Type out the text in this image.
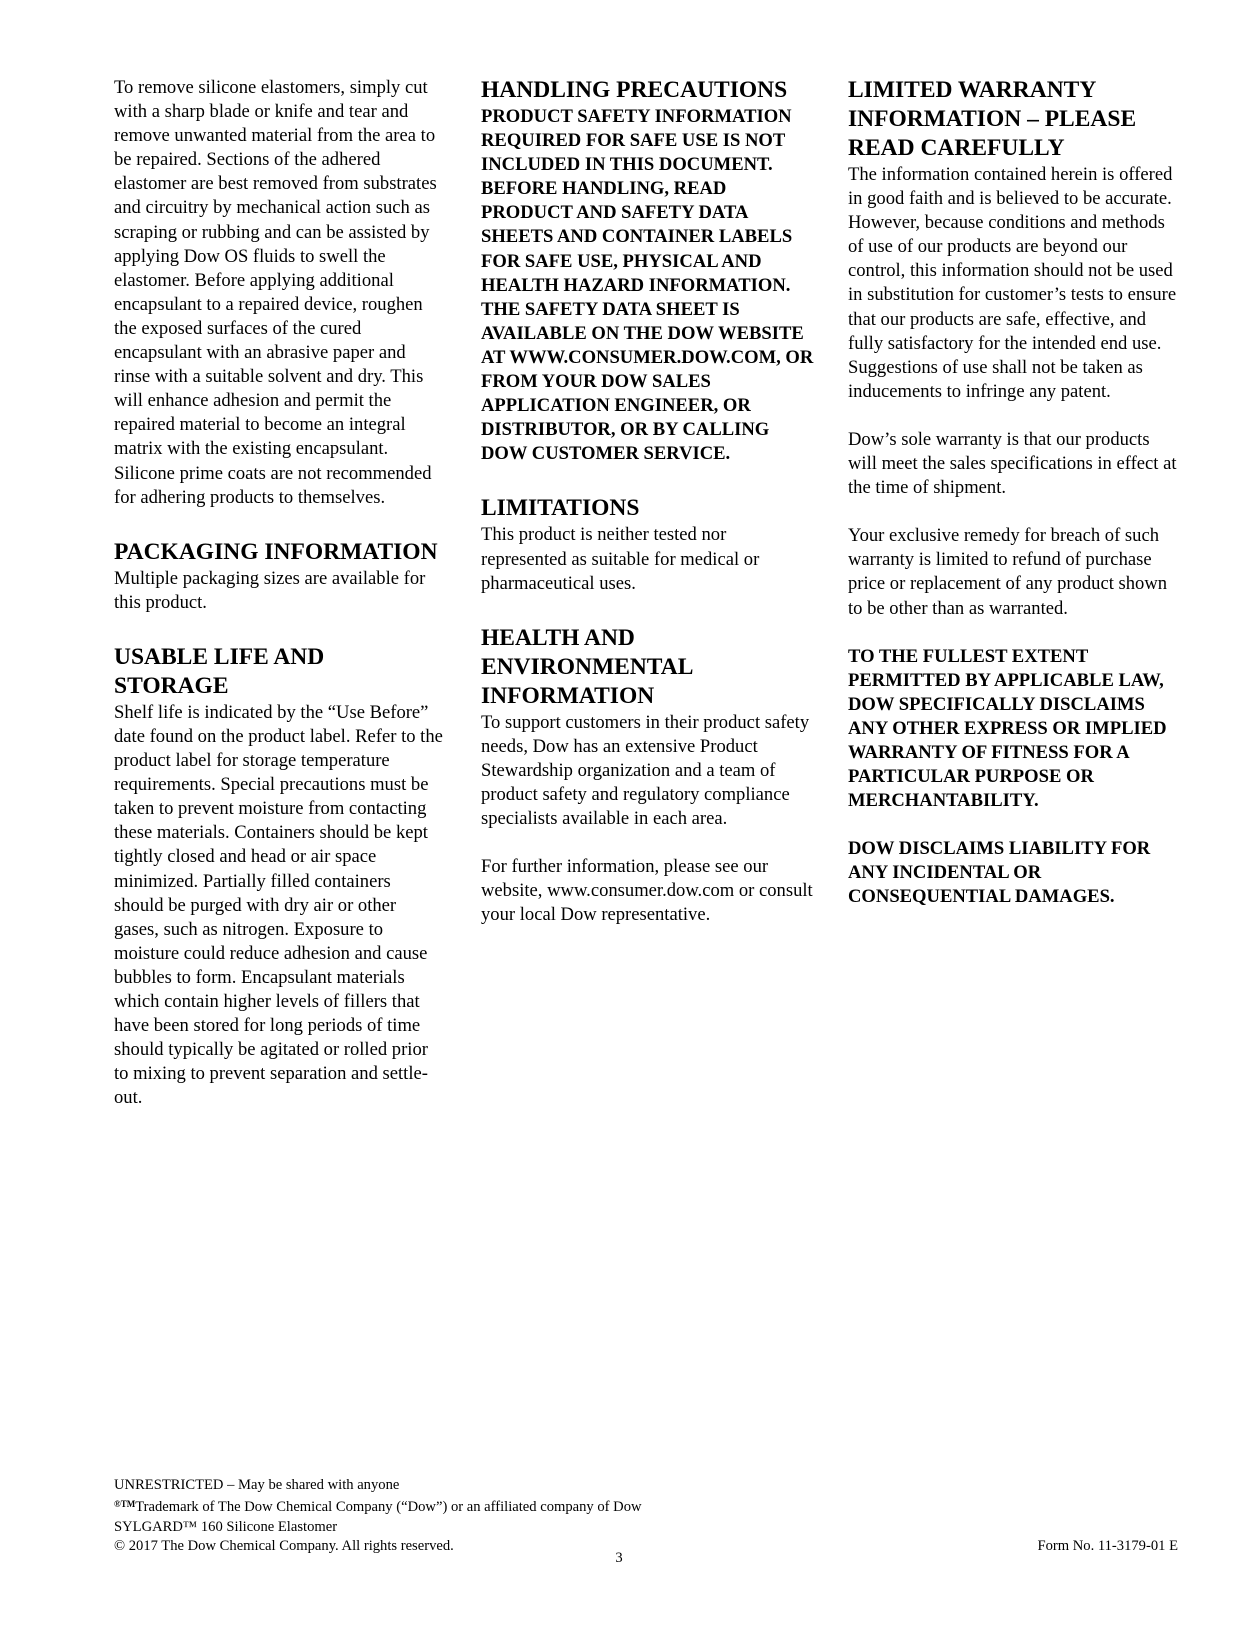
To remove silicone elastomers, simply cut with a sharp blade or knife and tear and remove unwanted material from the area to be repaired. Sections of the adhered elastomer are best removed from substrates and circuitry by mechanical action such as scraping or rubbing and can be assisted by applying Dow OS fluids to swell the elastomer. Before applying additional encapsulant to a repaired device, roughen the exposed surfaces of the cured encapsulant with an abrasive paper and rinse with a suitable solvent and dry. This will enhance adhesion and permit the repaired material to become an integral matrix with the existing encapsulant. Silicone prime coats are not recommended for adhering products to themselves.

PACKAGING INFORMATION

Multiple packaging sizes are available for this product.

USABLE LIFE AND STORAGE

Shelf life is indicated by the “Use Before” date found on the product label. Refer to the product label for storage temperature requirements. Special precautions must be taken to prevent moisture from contacting these materials. Containers should be kept tightly closed and head or air space minimized. Partially filled containers should be purged with dry air or other gases, such as nitrogen. Exposure to moisture could reduce adhesion and cause bubbles to form. Encapsulant materials which contain higher levels of fillers that have been stored for long periods of time should typically be agitated or rolled prior to mixing to prevent separation and settle-out.

HANDLING PRECAUTIONS

PRODUCT SAFETY INFORMATION REQUIRED FOR SAFE USE IS NOT INCLUDED IN THIS DOCUMENT. BEFORE HANDLING, READ PRODUCT AND SAFETY DATA SHEETS AND CONTAINER LABELS FOR SAFE USE, PHYSICAL AND HEALTH HAZARD INFORMATION. THE SAFETY DATA SHEET IS AVAILABLE ON THE DOW WEBSITE AT WWW.CONSUMER.DOW.COM, OR FROM YOUR DOW SALES APPLICATION ENGINEER, OR DISTRIBUTOR, OR BY CALLING DOW CUSTOMER SERVICE.

LIMITATIONS

This product is neither tested nor represented as suitable for medical or pharmaceutical uses.

HEALTH AND ENVIRONMENTAL INFORMATION

To support customers in their product safety needs, Dow has an extensive Product Stewardship organization and a team of product safety and regulatory compliance specialists available in each area.

For further information, please see our website, www.consumer.dow.com or consult your local Dow representative.

LIMITED WARRANTY INFORMATION – PLEASE READ CAREFULLY

The information contained herein is offered in good faith and is believed to be accurate. However, because conditions and methods of use of our products are beyond our control, this information should not be used in substitution for customer’s tests to ensure that our products are safe, effective, and fully satisfactory for the intended end use. Suggestions of use shall not be taken as inducements to infringe any patent.

Dow’s sole warranty is that our products will meet the sales specifications in effect at the time of shipment.

Your exclusive remedy for breach of such warranty is limited to refund of purchase price or replacement of any product shown to be other than as warranted.

TO THE FULLEST EXTENT PERMITTED BY APPLICABLE LAW, DOW SPECIFICALLY DISCLAIMS ANY OTHER EXPRESS OR IMPLIED WARRANTY OF FITNESS FOR A PARTICULAR PURPOSE OR MERCHANTABILITY.

DOW DISCLAIMS LIABILITY FOR ANY INCIDENTAL OR CONSEQUENTIAL DAMAGES.

UNRESTRICTED – May be shared with anyone
$^{®TM}$Trademark of The Dow Chemical Company (“Dow”) or an affiliated company of Dow
SYLGARD™ 160 Silicone Elastomer
© 2017 The Dow Chemical Company. All rights reserved.	Form No. 11-3179-01 E
3
